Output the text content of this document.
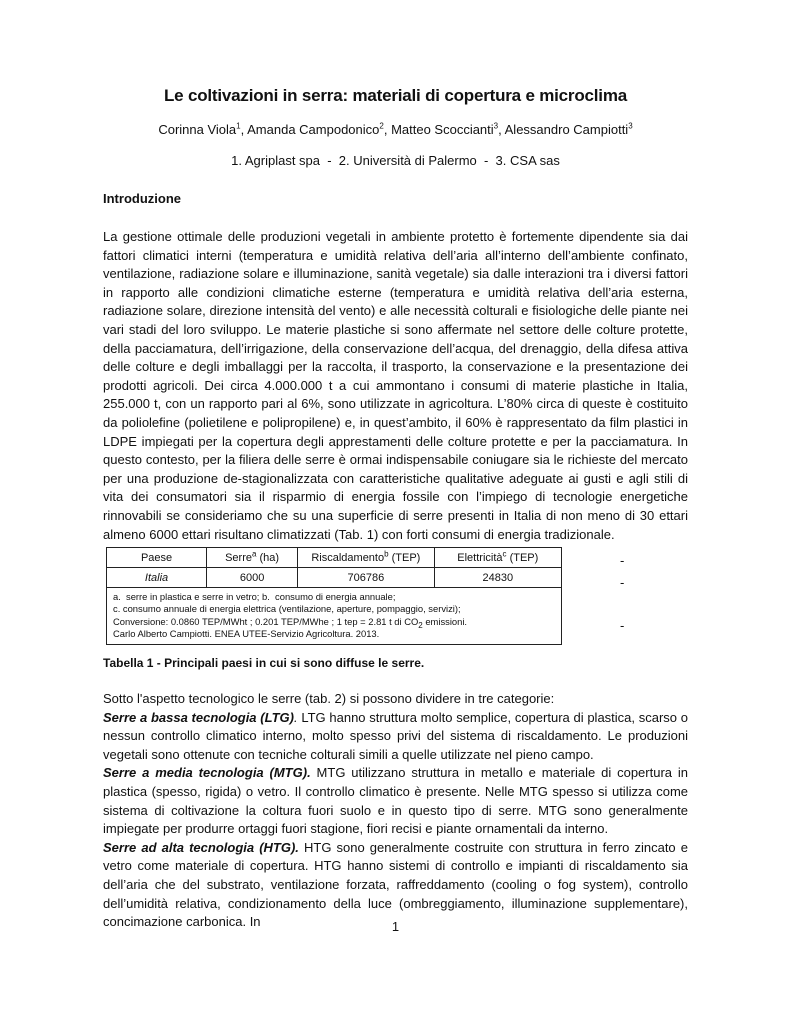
Le coltivazioni in serra: materiali di copertura e microclima
Corinna Viola$^1$, Amanda Campodonico$^2$, Matteo Scoccianti$^3$, Alessandro Campiotti$^3$
1. Agriplast spa  -  2. Università di Palermo  -  3. CSA sas
Introduzione

La gestione ottimale delle produzioni vegetali in ambiente protetto è fortemente dipendente sia dai fattori climatici interni (temperatura e umidità relativa dell’aria all’interno dell’ambiente confinato, ventilazione, radiazione solare e illuminazione, sanità vegetale) sia dalle interazioni tra i diversi fattori in rapporto alle condizioni climatiche esterne (temperatura e umidità relativa dell’aria esterna, radiazione solare, direzione intensità del vento) e alle necessità colturali e fisiologiche delle piante nei vari stadi del loro sviluppo. Le materie plastiche si sono affermate nel settore delle colture protette, della pacciamatura, dell’irrigazione, della conservazione dell’acqua, del drenaggio, della difesa attiva delle colture e degli imballaggi per la raccolta, il trasporto, la conservazione e la presentazione dei prodotti agricoli. Dei circa 4.000.000 t a cui ammontano i consumi di materie plastiche in Italia, 255.000 t, con un rapporto pari al 6%, sono utilizzate in agricoltura. L’80% circa di queste è costituito da poliolefine (polietilene e polipropilene) e, in quest’ambito, il 60% è rappresentato da film plastici in LDPE impiegati per la copertura degli apprestamenti delle colture protette e per la pacciamatura. In questo contesto, per la filiera delle serre è ormai indispensabile coniugare sia le richieste del mercato per una produzione de-stagionalizzata con caratteristiche qualitative adeguate ai gusti e agli stili di vita dei consumatori sia il risparmio di energia fossile con l’impiego di tecnologie energetiche rinnovabili se consideriamo che su una superficie di serre presenti in Italia di non meno di 30 ettari almeno 6000 ettari risultano climatizzati (Tab. 1) con forti consumi di energia tradizionale.

Paese	Serre$^a$ (ha)	Riscaldamento$^b$ (TEP)	Elettricità$^c$ (TEP)
Italia	6000	706786	24830

a.  serre in plastica e serre in vetro; b.  consumo di energia annuale;
c. consumo annuale di energia elettrica (ventilazione, aperture, pompaggio, servizi);
Conversione: 0.0860 TEP/MWht ; 0.201 TEP/MWhe ; 1 tep = 2.81 t di $CO_2$ emissioni.
Carlo Alberto Campiotti. ENEA UTEE-Servizio Agricoltura. 2013.			
-
-
-
Tabella 1 - Principali paesi in cui si sono diffuse le serre.
Sotto l'aspetto tecnologico le serre (tab. 2) si possono dividere in tre categorie:
Serre a bassa tecnologia (LTG). LTG hanno struttura molto semplice, copertura di plastica, scarso o nessun controllo climatico interno, molto spesso privi del sistema di riscaldamento. Le produzioni vegetali sono ottenute con tecniche colturali simili a quelle utilizzate nel pieno campo.
Serre a media tecnologia (MTG). MTG utilizzano struttura in metallo e materiale di copertura in plastica (spesso, rigida) o vetro. Il controllo climatico è presente. Nelle MTG spesso si utilizza come sistema di coltivazione la coltura fuori suolo e in questo tipo di serre. MTG sono generalmente impiegate per produrre ortaggi fuori stagione, fiori recisi e piante ornamentali da interno.
Serre ad alta tecnologia (HTG). HTG sono generalmente costruite con struttura in ferro zincato e vetro come materiale di copertura. HTG hanno sistemi di controllo e impianti di riscaldamento sia dell’aria che del substrato, ventilazione forzata, raffreddamento (cooling o fog system), controllo dell’umidità relativa, condizionamento della luce (ombreggiamento, illuminazione supplementare), concimazione carbonica. In	1
